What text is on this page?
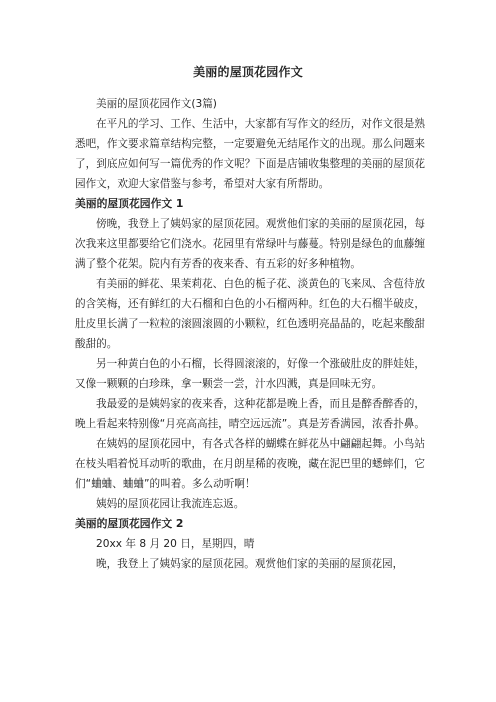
美丽的屋顶花园作文

美丽的屋顶花园作文(3篇)

在平凡的学习、工作、生活中，大家都有写作文的经历，对作文很是熟悉吧，作文要求篇章结构完整，一定要避免无结尾作文的出现。那么问题来了，到底应如何写一篇优秀的作文呢？下面是店铺收集整理的美丽的屋顶花园作文，欢迎大家借鉴与参考，希望对大家有所帮助。

美丽的屋顶花园作文 1

傍晚，我登上了姨妈家的屋顶花园。观赏他们家的美丽的屋顶花园，每次我来这里都要给它们浇水。花园里有常绿叶与藤蔓。特别是绿色的血藤缠满了整个花架。院内有芳香的夜来香、有五彩的好多种植物。

有美丽的鲜花、果茉莉花、白色的栀子花、淡黄色的飞来凤、含苞待放的含笑梅，还有鲜红的大石榴和白色的小石榴两种。红色的大石榴半破皮，肚皮里长满了一粒粒的滚圆滚圆的小颗粒，红色透明亮晶晶的，吃起来酸甜酸甜的。

另一种黄白色的小石榴，长得圆滚滚的，好像一个涨破肚皮的胖娃娃，又像一颗颗的白珍珠，拿一颗尝一尝，汁水四溅，真是回味无穷。

我最爱的是姨妈家的夜来香，这种花都是晚上香，而且是醉香醉香的，晚上看起来特别像“月亮高高挂，晴空远远流”。真是芳香满园，浓香扑鼻。

在姨妈的屋顶花园中，有各式各样的蝴蝶在鲜花丛中翩翩起舞。小鸟站在枝头唱着悦耳动听的歌曲，在月朗星稀的夜晚，藏在泥巴里的蟋蟀们，它们“蛐蛐、蛐蛐”的叫着。多么动听啊！

姨妈的屋顶花园让我流连忘返。

美丽的屋顶花园作文 2

20xx 年 8 月 20 日，星期四，晴

晚，我登上了姨妈家的屋顶花园。观赏他们家的美丽的屋顶花园，
